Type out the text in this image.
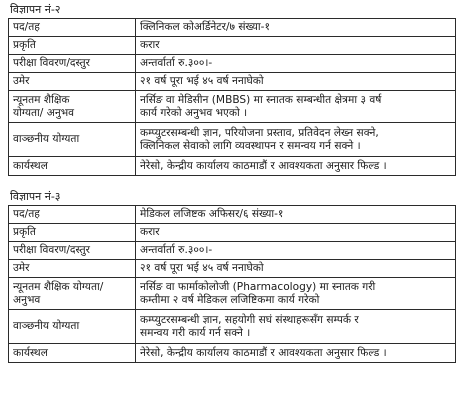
विज्ञापन नं-२
पद/तह	क्लिनिकल कोअर्डिनेटर/७ संख्या-१

प्रकृति	करार

परीक्षा विवरण/दस्तुर	अन्तर्वार्ता रु.३००।-

उमेर	२१ वर्ष पूरा भई ४५ वर्ष ननाघेको

न्यूनतम शैक्षिक
योग्यता/ अनुभव	नर्सिङ वा मेडिसीन (MBBS) मा स्नातक सम्बन्धीत क्षेत्रमा ३ वर्ष
कार्य गरेको अनुभव भएको ।

वाञ्छनीय योग्यता	कम्प्युटरसम्बन्धी ज्ञान, परियोजना प्रस्ताव, प्रतिवेदन लेख्न सक्ने,
क्लिनिकल सेवाको लागि व्यवस्थापन र समन्वय गर्न सक्ने ।

कार्यस्थल	नेरेसो, केन्द्रीय कार्यालय काठमाडौं र आवश्यकता अनुसार फिल्ड ।
विज्ञापन नं-३
पद/तह	मेडिकल लजिष्टक अफिसर/६ संख्या-१

प्रकृति	करार

परीक्षा विवरण/दस्तुर	अन्तर्वार्ता रु.३००।-

उमेर	२१ वर्ष पूरा भई ४५ वर्ष ननाघेको

न्यूनतम शैक्षिक योग्यता/
अनुभव	नर्सिङ वा फार्माकोलोजी (Pharmacology) मा स्नातक गरी
कम्तीमा २ वर्ष मेडिकल लजिष्टिकमा कार्य गरेको

वाञ्छनीय योग्यता	कम्प्युटरसम्बन्धी ज्ञान, सहयोगी सघं संस्थाहरूसँग सम्पर्क र
समन्वय गरी कार्य गर्न सक्ने ।

कार्यस्थल	नेरेसो, केन्द्रीय कार्यालय काठमाडौं र आवश्यकता अनुसार फिल्ड ।
